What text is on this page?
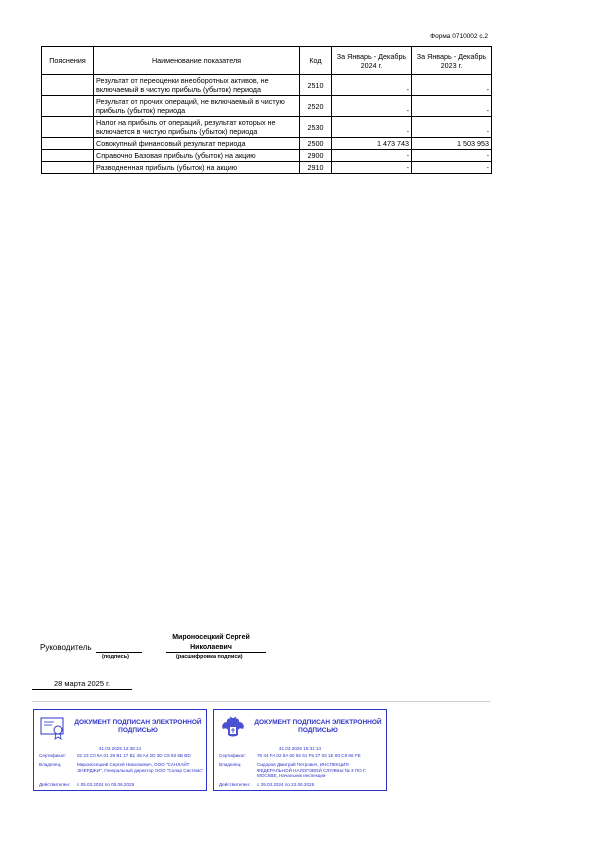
Форма 0710002 с.2
Пояснения	Наименование показателя	Код	За Январь - Декабрь 2024 г.	За Январь - Декабрь 2023 г.
	Результат от переоценки внеоборотных активов, не включаемый в чистую прибыль (убыток) периода	2510	-	-
	Результат от прочих операций, не включаемый в чистую прибыль (убыток) периода	2520	-	-
	Налог на прибыль от операций, результат которых не включается в чистую прибыль (убыток) периода	2530	-	-
	Совокупный финансовый результат периода	2500	1 473 743	1 503 953
	Справочно Базовая прибыль (убыток) на акцию	2900	-	-
	Разводненная прибыль (убыток) на акцию	2910	-	-
Руководитель
(подпись)
Мироносецкий Сергей Николаевич
(расшифровка подписи)
28 марта 2025 г.
ДОКУМЕНТ ПОДПИСАН ЭЛЕКТРОННОЙ ПОДПИСЬЮ
31.03.2025 12:38:14
Сертификат:	02 23 C0 9A 01 29 B1 17 B1 48 A4 2D 3D C9 83 6B BD
Владелец:	Мироносецкий Сергей Николаевич, ООО "САНЛАЙТ ЭНЕРДЖИ", Генеральный директор ООО "Солар Системс"
Действителен:	с 05.03.2024 по 05.06.2025
ДОКУМЕНТ ПОДПИСАН ЭЛЕКТРОННОЙ ПОДПИСЬЮ
31.03.2025 15:31:14
Сертификат:	76 44 FA 02 8A 60 92 61 F5 27 03 1E 60 C8 66 FE
Владелец:	Сидоров Дмитрий Петрович, ИНСПЕКЦИЯ ФЕДЕРАЛЬНОЙ НАЛОГОВОЙ СЛУЖБЫ № 3 ПО Г. МОСКВЕ, Начальник инспекции
Действителен:	с 29.03.2024 по 22.06.2025
